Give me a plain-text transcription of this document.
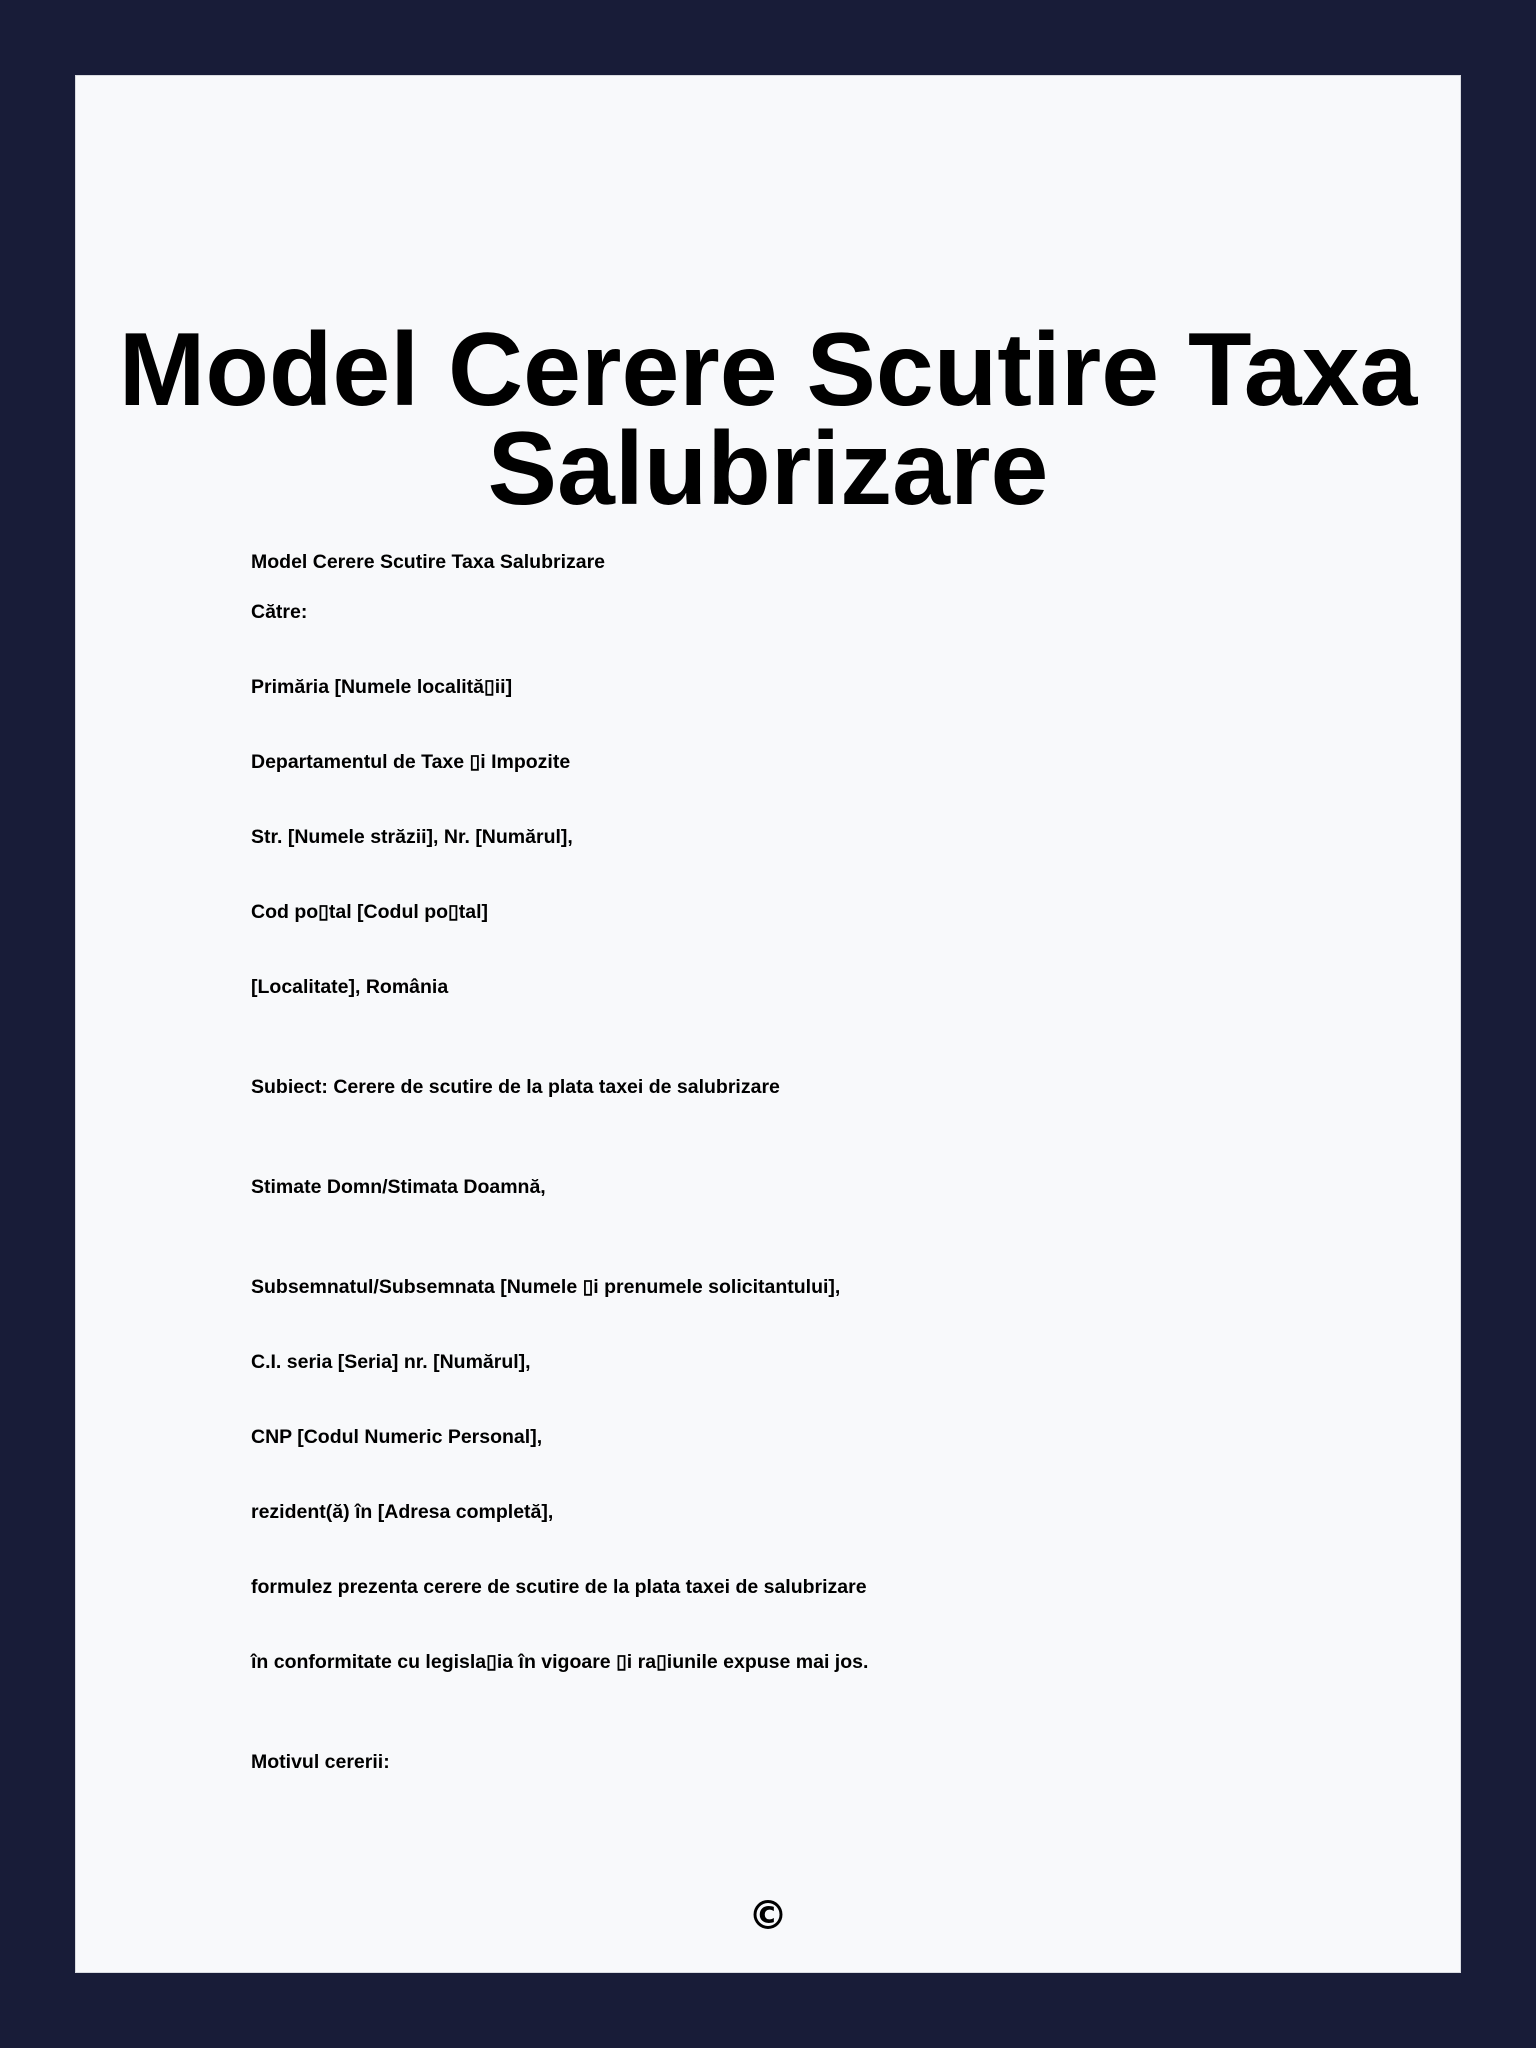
Model Cerere Scutire Taxa Salubrizare
Model Cerere Scutire Taxa Salubrizare
Către:
Primăria [Numele localită▯ii]
Departamentul de Taxe ▯i Impozite
Str. [Numele străzii], Nr. [Numărul],
Cod po▯tal [Codul po▯tal]
[Localitate], România
Subiect: Cerere de scutire de la plata taxei de salubrizare
Stimate Domn/Stimata Doamnă,
Subsemnatul/Subsemnata [Numele ▯i prenumele solicitantului],
C.I. seria [Seria] nr. [Numărul],
CNP [Codul Numeric Personal],
rezident(ă) în [Adresa completă],
formulez prezenta cerere de scutire de la plata taxei de salubrizare
în conformitate cu legisla▯ia în vigoare ▯i ra▯iunile expuse mai jos.
Motivul cererii:
©
